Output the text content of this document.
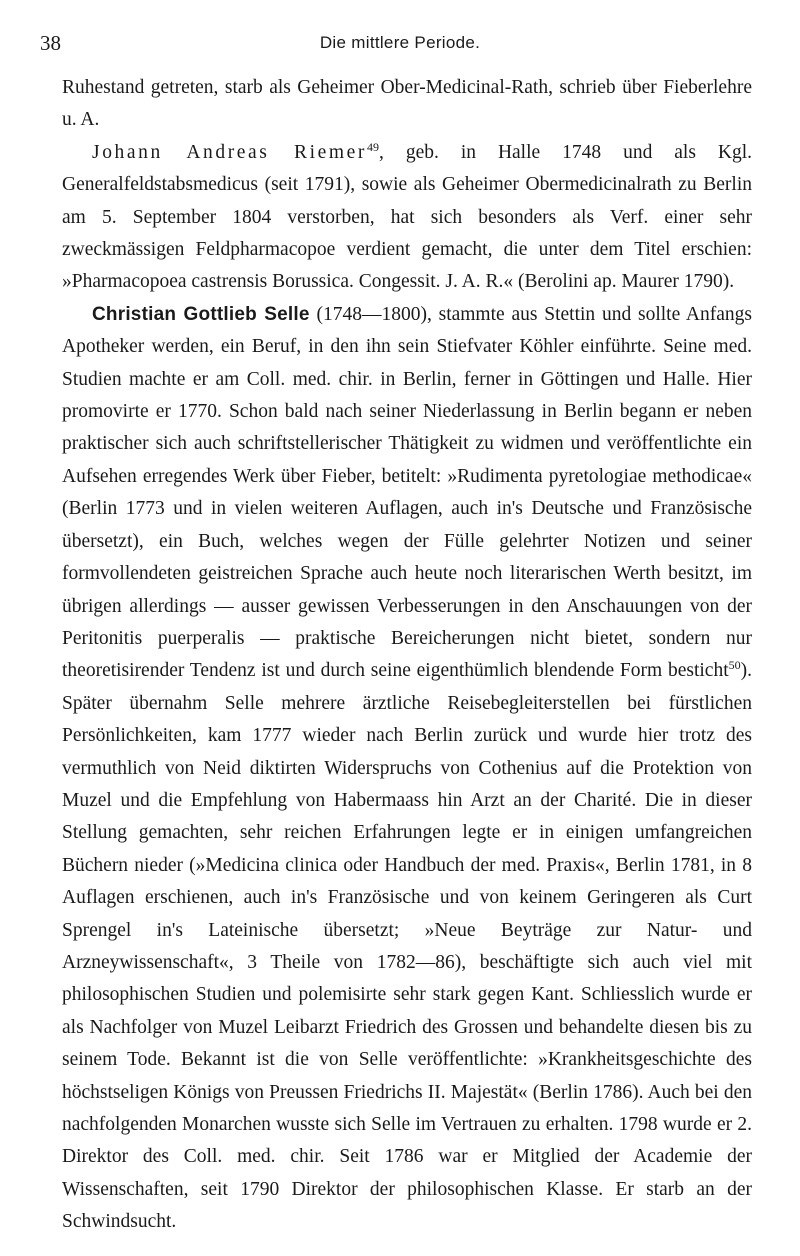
38	Die mittlere Periode.

Ruhestand getreten, starb als Geheimer Ober-Medicinal-Rath, schrieb über Fieberlehre u. A.

Johann Andreas Riemer$^{49}$, geb. in Halle 1748 und als Kgl. Generalfeldstabsmedicus (seit 1791), sowie als Geheimer Obermedicinalrath zu Berlin am 5. September 1804 verstorben, hat sich besonders als Verf. einer sehr zweckmässigen Feldpharmacopoe verdient gemacht, die unter dem Titel erschien: »Pharmacopoea castrensis Borussica. Congessit. J. A. R.« (Berolini ap. Maurer 1790).

Christian Gottlieb Selle (1748—1800), stammte aus Stettin und sollte Anfangs Apotheker werden, ein Beruf, in den ihn sein Stiefvater Köhler einführte. Seine med. Studien machte er am Coll. med. chir. in Berlin, ferner in Göttingen und Halle. Hier promovirte er 1770. Schon bald nach seiner Niederlassung in Berlin begann er neben praktischer sich auch schriftstellerischer Thätigkeit zu widmen und veröffentlichte ein Aufsehen erregendes Werk über Fieber, betitelt: »Rudimenta pyretologiae methodicae« (Berlin 1773 und in vielen weiteren Auflagen, auch in's Deutsche und Französische übersetzt), ein Buch, welches wegen der Fülle gelehrter Notizen und seiner formvollendeten geistreichen Sprache auch heute noch literarischen Werth besitzt, im übrigen allerdings — ausser gewissen Verbesserungen in den Anschauungen von der Peritonitis puerperalis — praktische Bereicherungen nicht bietet, sondern nur theoretisirender Tendenz ist und durch seine eigenthümlich blendende Form besticht$^{50}$). Später übernahm Selle mehrere ärztliche Reisebegleiterstellen bei fürstlichen Persönlichkeiten, kam 1777 wieder nach Berlin zurück und wurde hier trotz des vermuthlich von Neid diktirten Widerspruchs von Cothenius auf die Protektion von Muzel und die Empfehlung von Habermaass hin Arzt an der Charité. Die in dieser Stellung gemachten, sehr reichen Erfahrungen legte er in einigen umfangreichen Büchern nieder (»Medicina clinica oder Handbuch der med. Praxis«, Berlin 1781, in 8 Auflagen erschienen, auch in's Französische und von keinem Geringeren als Curt Sprengel in's Lateinische übersetzt; »Neue Beyträge zur Natur- und Arzneywissenschaft«, 3 Theile von 1782—86), beschäftigte sich auch viel mit philosophischen Studien und polemisirte sehr stark gegen Kant. Schliesslich wurde er als Nachfolger von Muzel Leibarzt Friedrich des Grossen und behandelte diesen bis zu seinem Tode. Bekannt ist die von Selle veröffentlichte: »Krankheitsgeschichte des höchstseligen Königs von Preussen Friedrichs II. Majestät« (Berlin 1786). Auch bei den nachfolgenden Monarchen wusste sich Selle im Vertrauen zu erhalten. 1798 wurde er 2. Direktor des Coll. med. chir. Seit 1786 war er Mitglied der Academie der Wissenschaften, seit 1790 Direktor der philosophischen Klasse. Er starb an der Schwindsucht.
